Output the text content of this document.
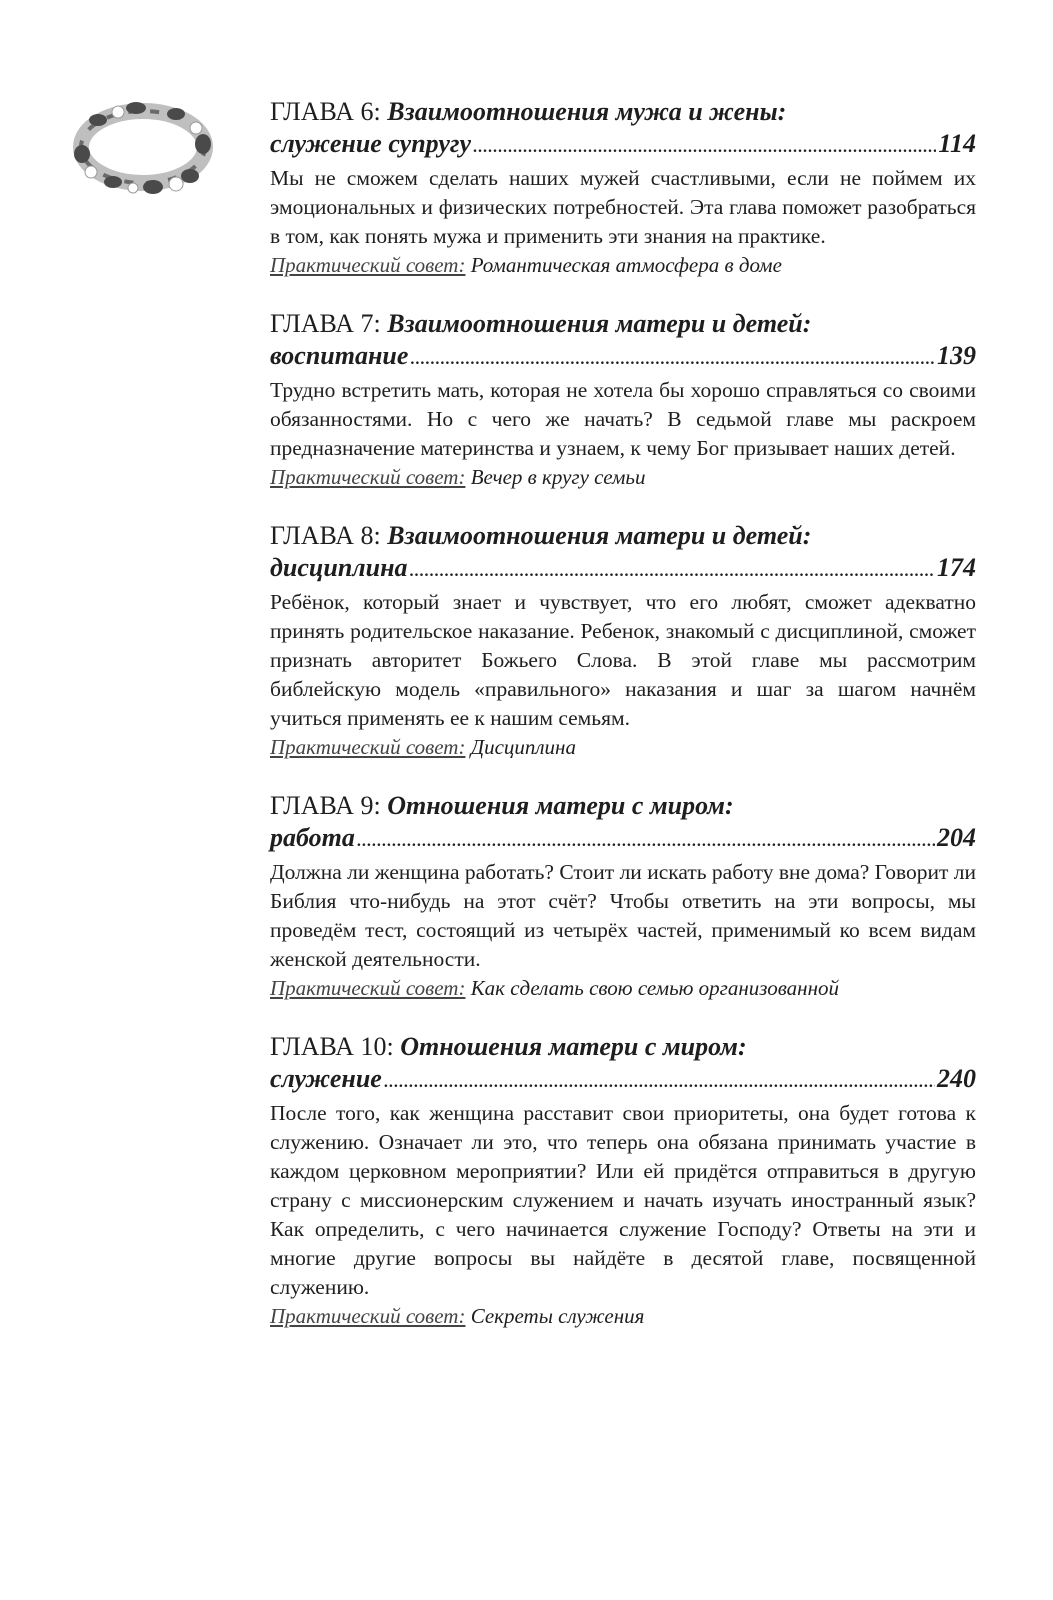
ГЛАВА 6: Взаимоотношения мужа и жены:
служение супругу .....	114

Мы не сможем сделать наших мужей счастливыми, если не поймем их эмоциональных и физических потребностей. Эта глава поможет разобраться в том, как понять мужа и применить эти знания на практике.

Практический совет: Романтическая атмосфера в доме
ГЛАВА 7: Взаимоотношения матери и детей:
воспитание .....	139

Трудно встретить мать, которая не хотела бы хорошо справляться со своими обязанностями. Но с чего же начать? В седьмой главе мы раскроем предназначение материнства и узнаем, к чему Бог призывает наших детей.

Практический совет: Вечер в кругу семьи
ГЛАВА 8: Взаимоотношения матери и детей:
дисциплина .....	174

Ребёнок, который знает и чувствует, что его любят, сможет адекватно принять родительское наказание. Ребенок, знакомый с дисциплиной, сможет признать авторитет Божьего Слова. В этой главе мы рассмотрим библейскую модель «правильного» наказания и шаг за шагом начнём учиться применять ее к нашим семьям.

Практический совет: Дисциплина
ГЛАВА 9: Отношения матери с миром:
работа .....	204

Должна ли женщина работать? Стоит ли искать работу вне дома? Говорит ли Библия что-нибудь на этот счёт? Чтобы ответить на эти вопросы, мы проведём тест, состоящий из четырёх частей, применимый ко всем видам женской деятельности.

Практический совет: Как сделать свою семью организованной
ГЛАВА 10: Отношения матери с миром:
служение .....	240

После того, как женщина расставит свои приоритеты, она будет готова к служению. Означает ли это, что теперь она обязана принимать участие в каждом церковном мероприятии? Или ей придётся отправиться в другую страну с миссионерским служением и начать изучать иностранный язык? Как определить, с чего начинается служение Господу? Ответы на эти и многие другие вопросы вы найдёте в десятой главе, посвященной служению.

Практический совет: Секреты служения
